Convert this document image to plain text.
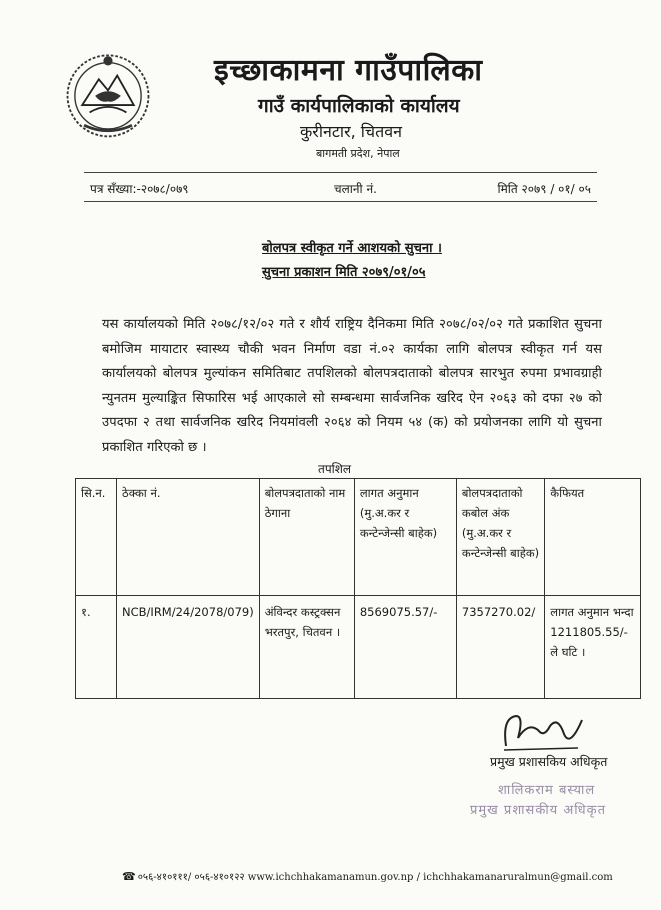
इच्छाकामना गाउँपालिका
गाउँ कार्यपालिकाको कार्यालय
कुरीनटार, चितवन
बागमती प्रदेश, नेपाल
पत्र सँख्या:-२०७८/०७९	चलानी नं.	मिति २०७९ / ०१/ ०५
बोलपत्र स्वीकृत गर्ने आशयको सुचना ।
सुचना प्रकाशन मिति २०७९/०१/०५
यस कार्यालयको मिति २०७८/१२/०२ गते र शौर्य राष्ट्रिय दैनिकमा मिति २०७८/०२/०२ गते प्रकाशित सुचना बमोजिम मायाटार स्वास्थ्य चौकी भवन निर्माण वडा नं.०२ कार्यका लागि बोलपत्र स्वीकृत गर्न यस कार्यालयको बोलपत्र मुल्यांकन समितिबाट तपशिलको बोलपत्रदाताको बोलपत्र सारभुत रुपमा प्रभावग्राही न्युनतम मुल्याङ्कित सिफारिस भई आएकाले सो सम्बन्धमा सार्वजनिक खरिद ऐन २०६३ को दफा २७ को उपदफा २ तथा सार्वजनिक खरिद नियमांवली २०६४ को नियम ५४ (क) को प्रयोजनका लागि यो सुचना प्रकाशित गरिएको छ ।
तपशिल
सि.न.	ठेक्का नं.	बोलपत्रदाताको नाम ठेगाना	लागत अनुमान (मु.अ.कर र कन्टेन्जेन्सी बाहेक)	बोलपत्रदाताको कबोल अंक (मु.अ.कर र कन्टेन्जेन्सी बाहेक)	कैफियत
१.	NCB/IRM/24/2078/079)	अंविन्दर कस्ट्रक्सन भरतपुर, चितवन ।	8569075.57/-	7357270.02/	लागत अनुमान भन्दा 1211805.55/- ले घटि ।
प्रमुख प्रशासकिय अधिकृत
शालिकराम बस्याल
प्रमुख प्रशासकीय अधिकृत
☎ ०५६-४१०१११/ ०५६-४१०१२२ www.ichchhakamanamun.gov.np / ichchhakamanaruralmun@gmail.com
